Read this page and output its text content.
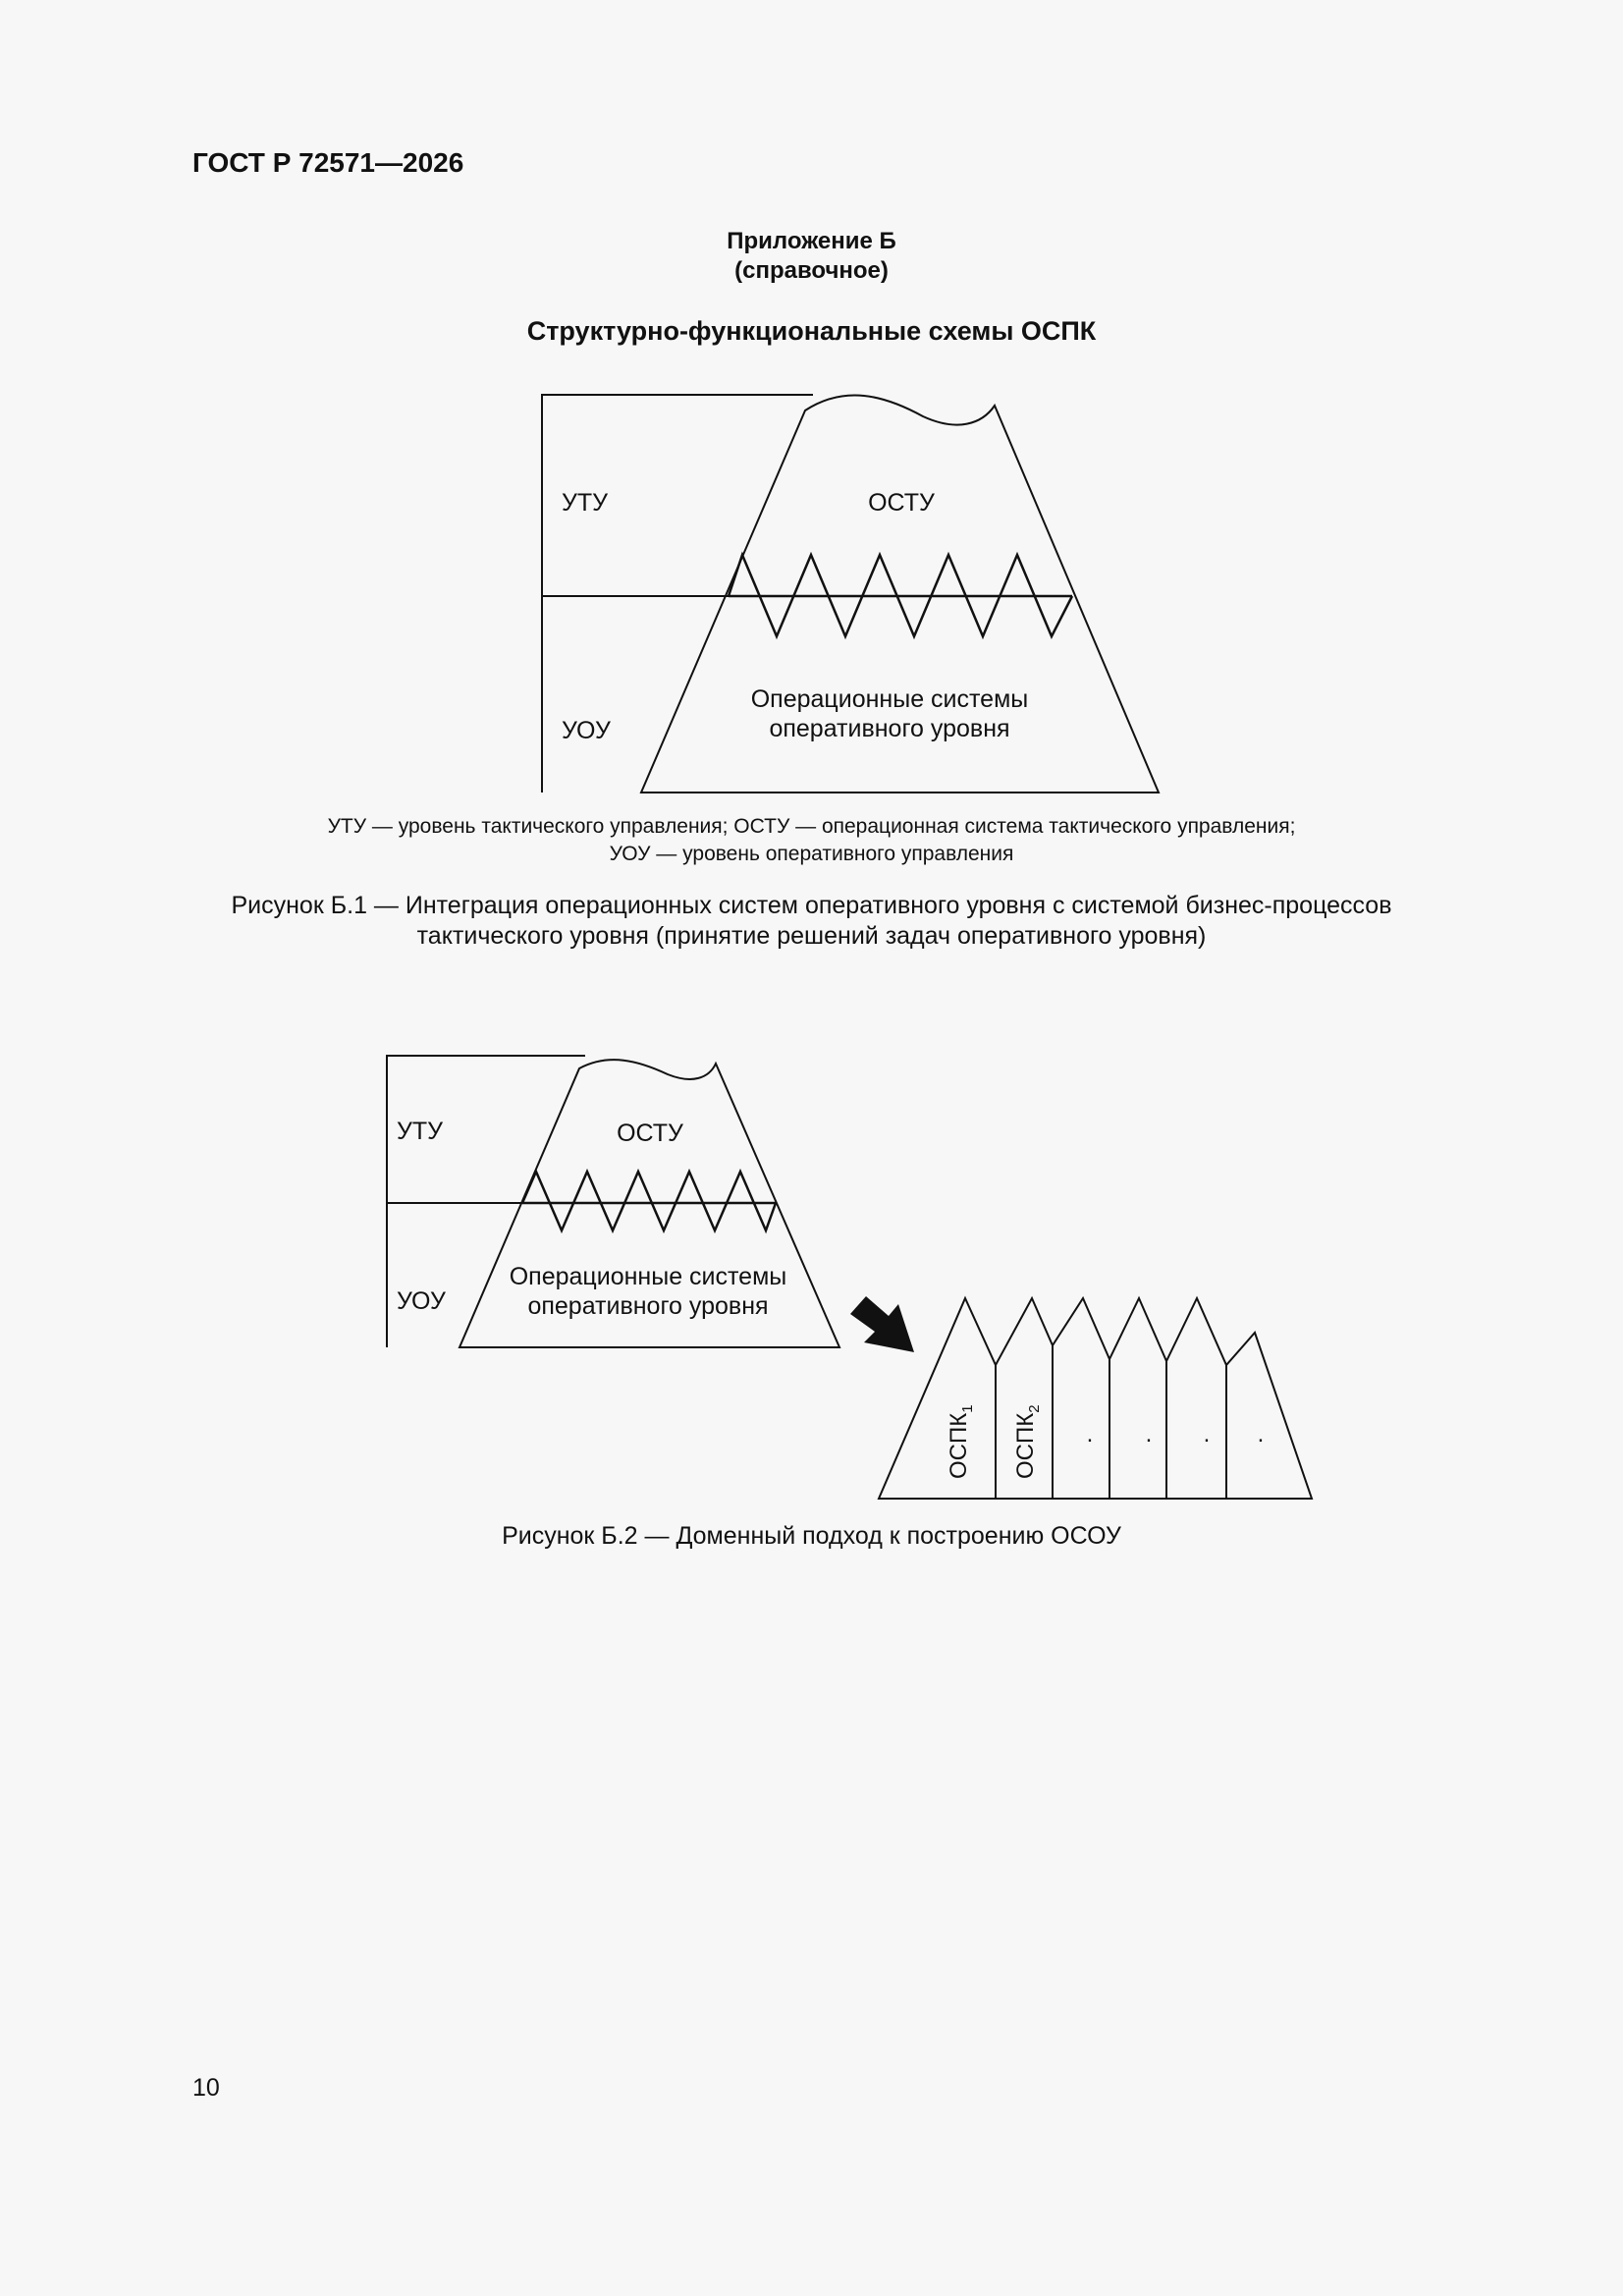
ГОСТ Р 72571—2026
Приложение Б
(справочное)
Структурно-функциональные схемы ОСПК
УТУ
УОУ
ОСТУ
Операционные системы
оперативного уровня
УТУ — уровень тактического управления; ОСТУ — операционная система тактического управления;
УОУ — уровень оперативного управления
Рисунок Б.1 — Интеграция операционных систем оперативного уровня с системой бизнес-процессов
тактического уровня (принятие решений задач оперативного уровня)
УТУ
УОУ
ОСТУ
Операционные системы
оперативного уровня
$ОСПК_1$
$ОСПК_2$
. . . .
Рисунок Б.2 — Доменный подход к построению ОСОУ
10
